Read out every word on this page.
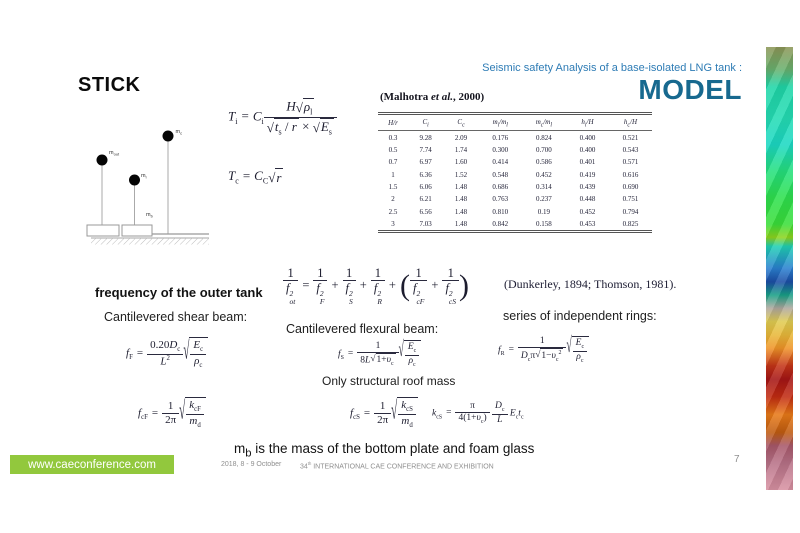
STICK
Seismic safety Analysis of a base-isolated LNG tank :
MODEL
$m_{out}$
$m_i$
$m_c$
$m_b$
$T_i = C_i \frac{H √ \rho_l}{√ t_s / r \times √ E_s}$
$T_c = C_C$ √ r
(Malhotra et al., 2000)
H/r	$C_i$	$C_c$	$m_i/m_l$	$m_c/m_l$	$h_i/H$	$h_c/H$
0.3	9.28	2.09	0.176	0.824	0.400	0.521
0.5	7.74	1.74	0.300	0.700	0.400	0.543
0.7	6.97	1.60	0.414	0.586	0.401	0.571
1	6.36	1.52	0.548	0.452	0.419	0.616
1.5	6.06	1.48	0.686	0.314	0.439	0.690
2	6.21	1.48	0.763	0.237	0.448	0.751
2.5	6.56	1.48	0.810	0.19	0.452	0.794
3	7.03	1.48	0.842	0.158	0.453	0.825
frequency of the outer tank 1
f 2
ot = 1
f 2
F + 1
f 2
S + 1
f 2
R + ( 1
f 2
cF + 1
f 2
cS )	(Dunkerley, 1894; Thomson, 1981).
Cantilevered shear beam:
Cantilevered flexural beam:
series of independent rings:
$f_F = \frac{0.20D_c}{L^2}$ √ $\frac{E_c}{\rho_c}$	$f_S = \frac{1}{8L √ 1+\upsilon_c}$ √ $\frac{E_c}{\rho_c}$	$f_R$ =
1
$D_c\pi$ √ $1-\upsilon_c^2$ √ $\frac{E_c}{\rho_c}$
Only structural roof mass
$f_{cF} = \frac{1}{2\pi}$ √ $k_{cF}$
$m_d$
$f_{cS} = \frac{1}{2\pi}$ √ $k_{cS}$
$m_d$
$k_{cS} = \frac{\pi}{4(1+\upsilon_c)}$
$\frac{D_c}{L} E_ct_c$
$m_b$ is the mass of the bottom plate and foam glass
www.caeconference.com	2018, 8 - 9 October	34th INTERNATIONAL CAE CONFERENCE AND EXHIBITION
7
